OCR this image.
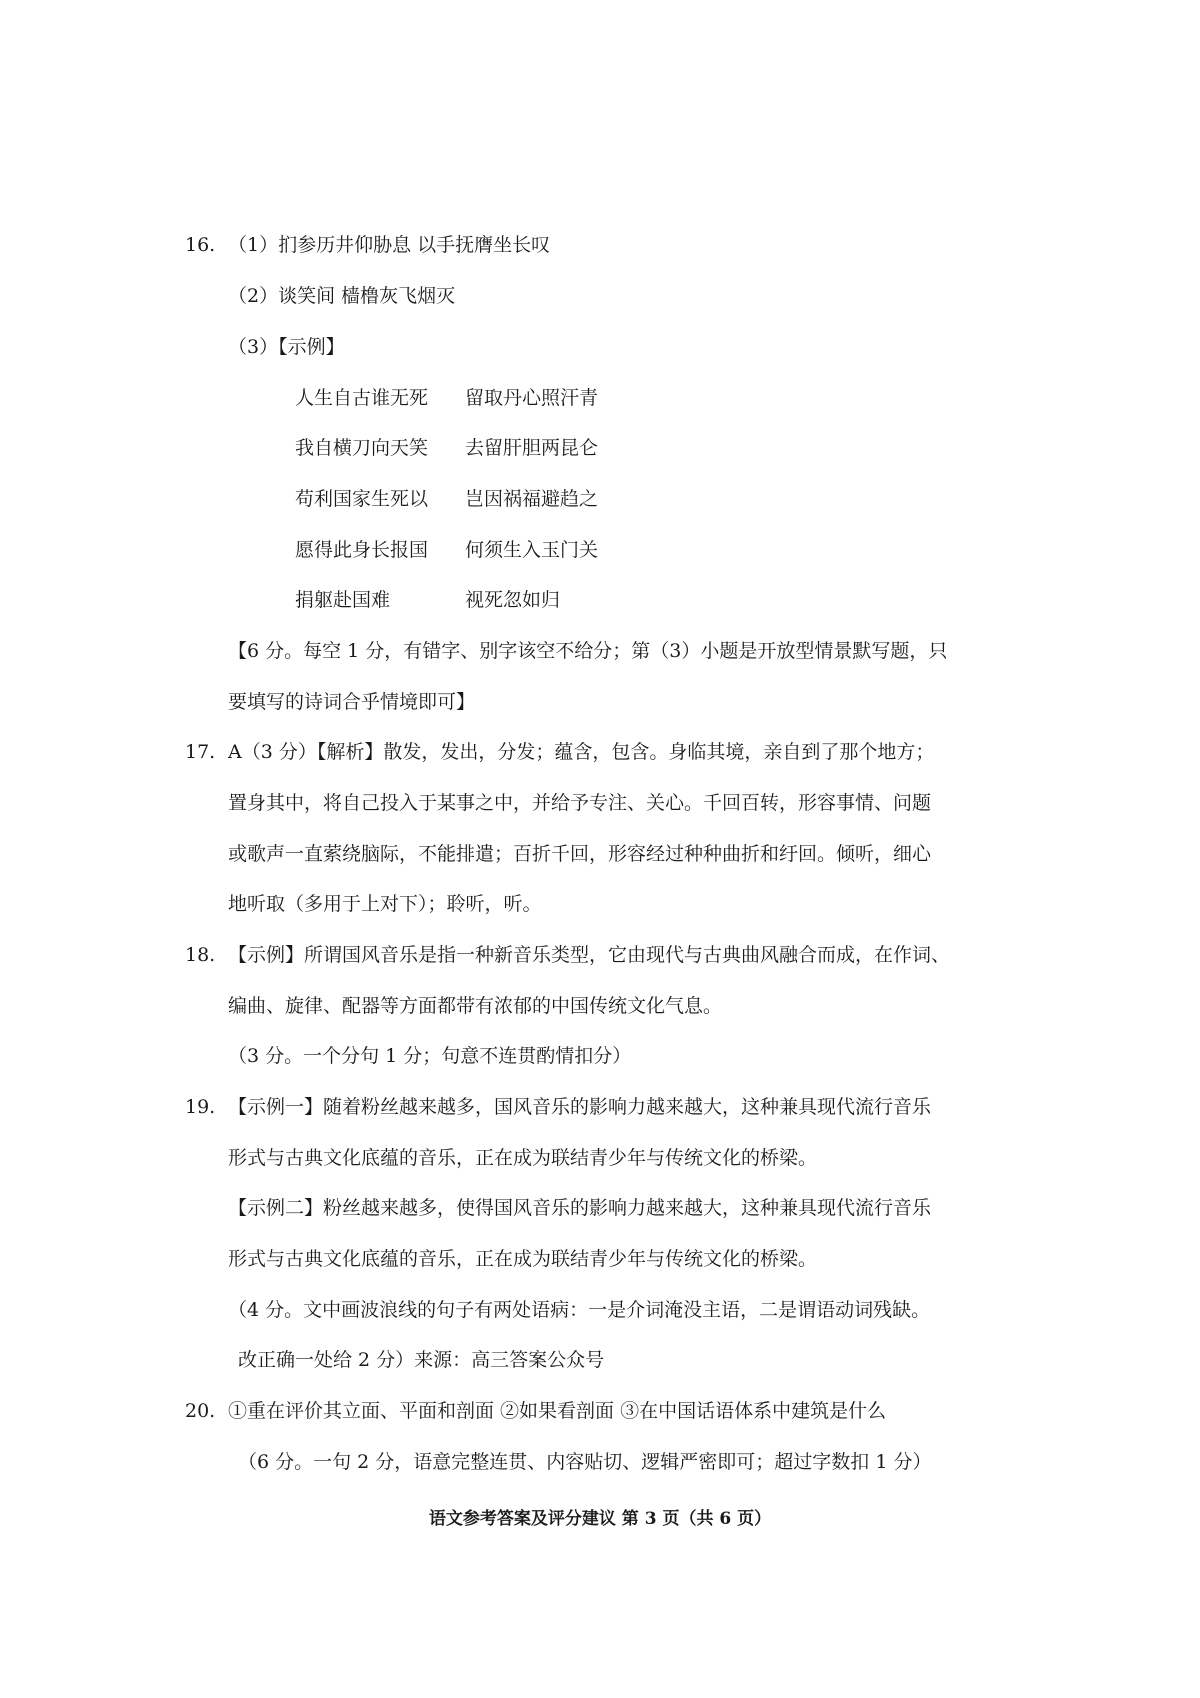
16. （1）扪参历井仰胁息 以手抚膺坐长叹
（2）谈笑间 樯橹灰飞烟灭
（3）【示例】
人生自古谁无死 留取丹心照汗青
我自横刀向天笑 去留肝胆两昆仑
苟利国家生死以 岂因祸福避趋之
愿得此身长报国 何须生入玉门关
捐躯赴国难	视死忽如归
【6 分。每空 1 分，有错字、别字该空不给分；第（3）小题是开放型情景默写题，只
要填写的诗词合乎情境即可】
17. A（3 分）【解析】散发，发出，分发；蕴含，包含。身临其境，亲自到了那个地方；
置身其中，将自己投入于某事之中，并给予专注、关心。千回百转，形容事情、问题
或歌声一直萦绕脑际，不能排遣；百折千回，形容经过种种曲折和纡回。倾听，细心
地听取（多用于上对下）；聆听，听。
18. 【示例】所谓国风音乐是指一种新音乐类型，它由现代与古典曲风融合而成，在作词、
编曲、旋律、配器等方面都带有浓郁的中国传统文化气息。
（3 分。一个分句 1 分；句意不连贯酌情扣分）
19. 【示例一】随着粉丝越来越多，国风音乐的影响力越来越大，这种兼具现代流行音乐
形式与古典文化底蕴的音乐，正在成为联结青少年与传统文化的桥梁。
【示例二】粉丝越来越多，使得国风音乐的影响力越来越大，这种兼具现代流行音乐
形式与古典文化底蕴的音乐，正在成为联结青少年与传统文化的桥梁。
（4 分。文中画波浪线的句子有两处语病：一是介词淹没主语，二是谓语动词残缺。
改正确一处给 2 分）来源：高三答案公众号
20. ①重在评价其立面、平面和剖面 ②如果看剖面 ③在中国话语体系中建筑是什么
（6 分。一句 2 分，语意完整连贯、内容贴切、逻辑严密即可；超过字数扣 1 分）
语文参考答案及评分建议 第 3 页（共 6 页）
